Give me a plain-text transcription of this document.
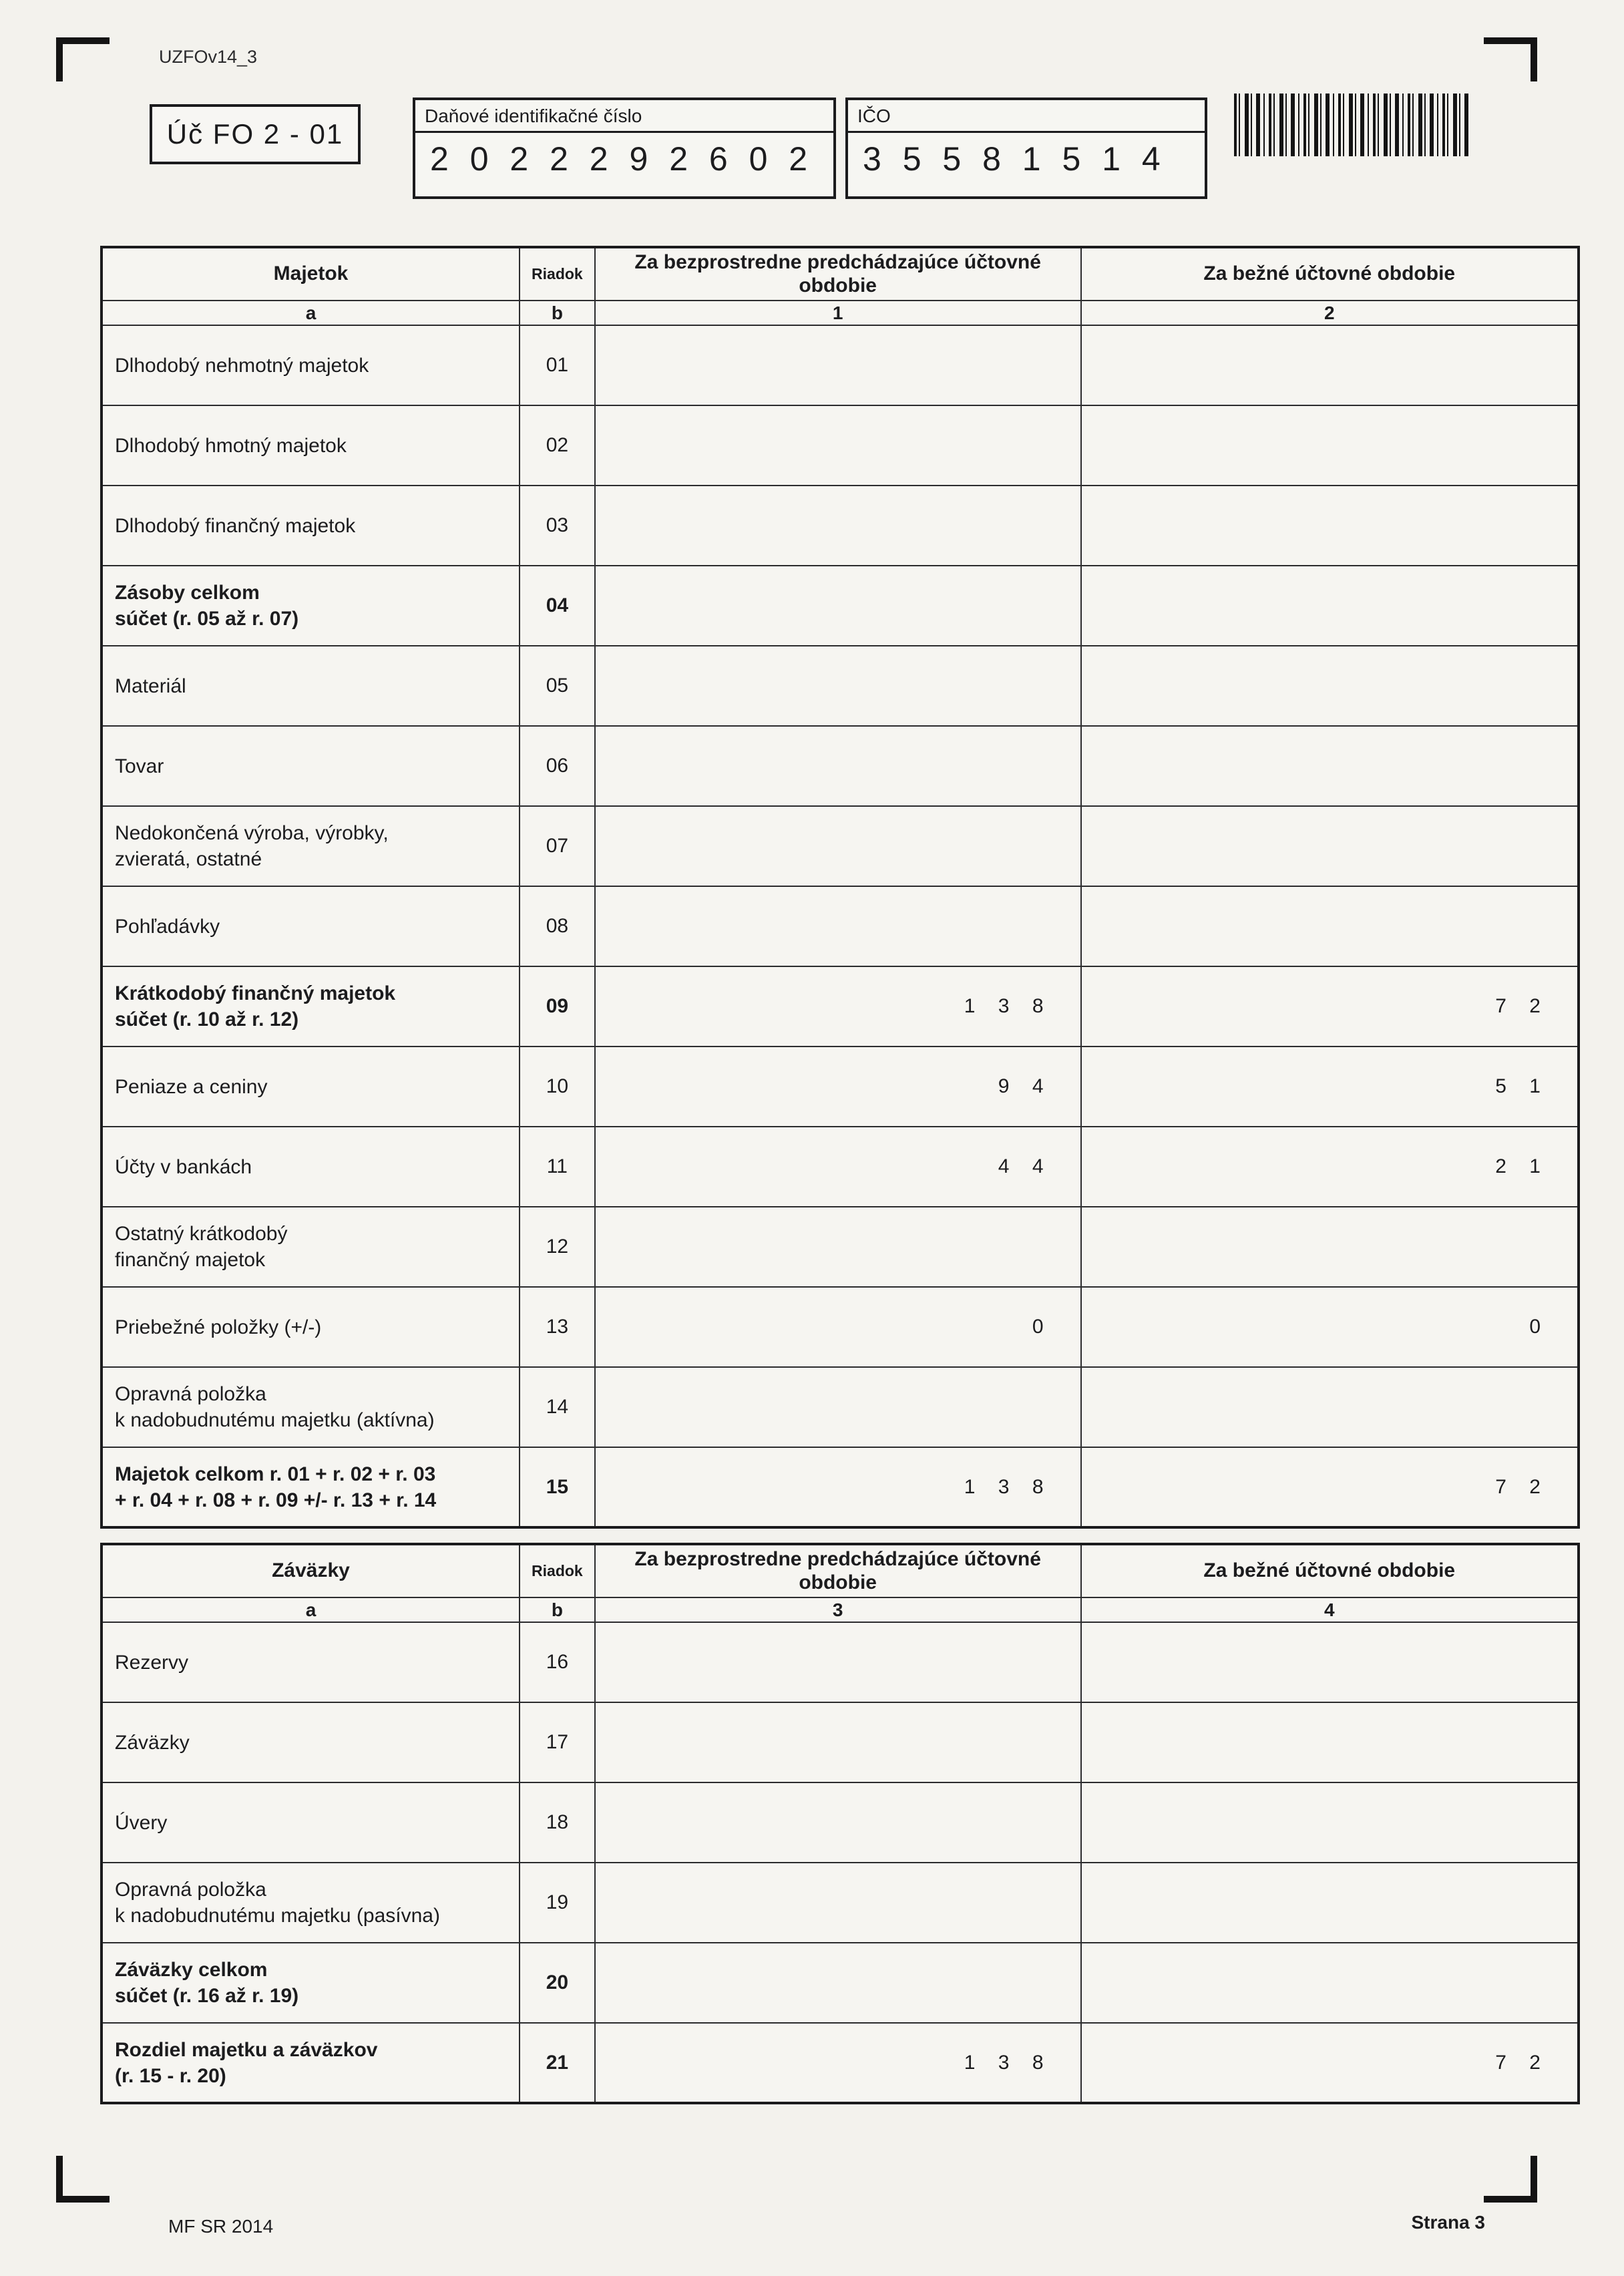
UZFOv14_3
Úč FO 2 - 01
Daňové identifikačné číslo
2 0 2 2 2 9 2 6 0 2
IČO
3 5 5 8 1 5 1 4
Majetok	Riadok	Za bezprostredne predchádzajúce účtovné obdobie	Za bežné účtovné obdobie
a	b	1	2

Dlhodobý nehmotný majetok	01		

Dlhodobý hmotný majetok	02		

Dlhodobý finančný majetok	03		

Zásoby celkom
súčet (r. 05 až r. 07)	04		

Materiál	05		

Tovar	06		

Nedokončená výroba, výrobky,
zvieratá, ostatné	07		

Pohľadávky	08		

Krátkodobý finančný majetok
súčet (r. 10 až r. 12)	09	1 3 8	7 2

Peniaze a ceniny	10	9 4	5 1

Účty v bankách	11	4 4	2 1

Ostatný krátkodobý
finančný majetok	12		

Priebežné položky (+/-)	13	0	0

Opravná položka
k nadobudnutému majetku (aktívna)	14		

Majetok celkom r. 01 + r. 02 + r. 03
+ r. 04 + r. 08 + r. 09 +/- r. 13 + r. 14	15	1 3 8	7 2
Záväzky	Riadok	Za bezprostredne predchádzajúce účtovné obdobie	Za bežné účtovné obdobie
a	b	3	4

Rezervy	16		

Záväzky	17		

Úvery	18		

Opravná položka
k nadobudnutému majetku (pasívna)	19		

Záväzky celkom
súčet (r. 16 až r. 19)	20		

Rozdiel majetku a záväzkov
(r. 15 - r. 20)	21	1 3 8	7 2
MF SR 2014	Strana 3
